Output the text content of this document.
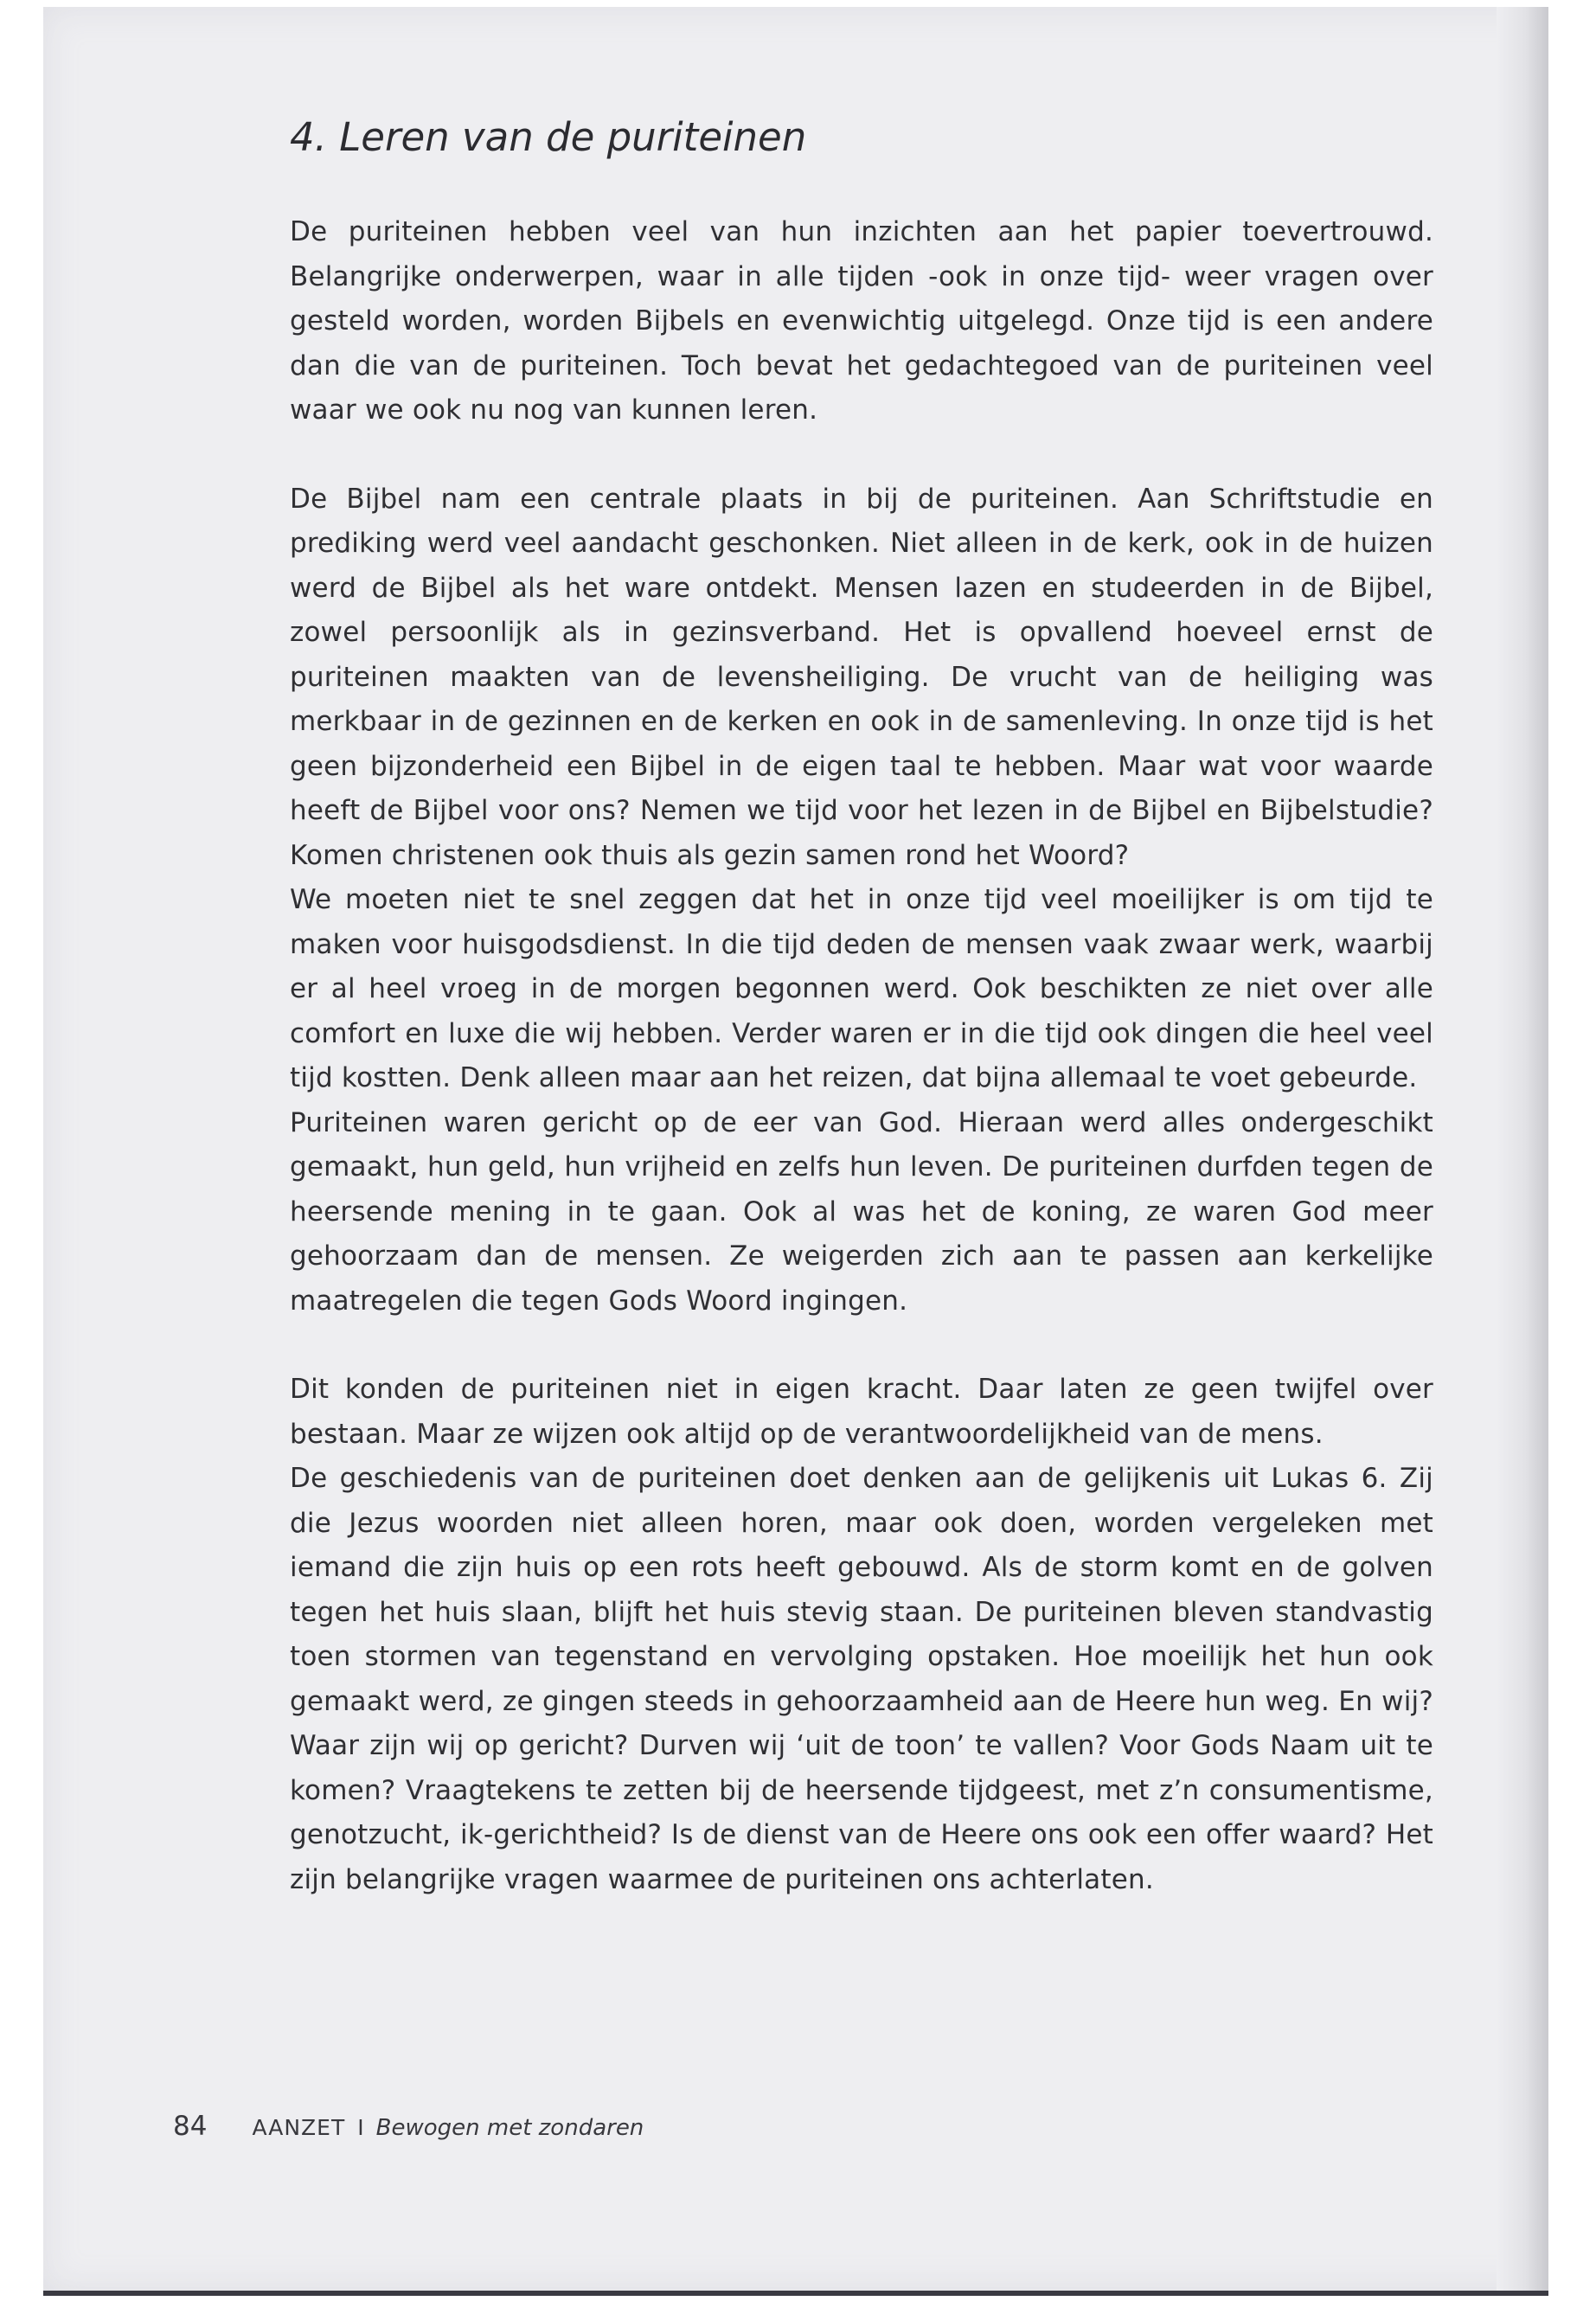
4. Leren van de puriteinen

De puriteinen hebben veel van hun inzichten aan het papier toevertrouwd. Belangrijke onderwerpen, waar in alle tijden -ook in onze tijd- weer vragen over gesteld worden, worden Bijbels en evenwichtig uitgelegd. Onze tijd is een andere dan die van de puriteinen. Toch bevat het gedachtegoed van de puriteinen veel waar we ook nu nog van kunnen leren.

De Bijbel nam een centrale plaats in bij de puriteinen. Aan Schriftstudie en prediking werd veel aandacht geschonken. Niet alleen in de kerk, ook in de huizen werd de Bijbel als het ware ontdekt. Mensen lazen en studeerden in de Bijbel, zowel persoonlijk als in gezinsverband. Het is opvallend hoeveel ernst de puriteinen maakten van de levensheiliging. De vrucht van de heiliging was merkbaar in de gezinnen en de kerken en ook in de samenleving. In onze tijd is het geen bijzonderheid een Bijbel in de eigen taal te hebben. Maar wat voor waarde heeft de Bijbel voor ons? Nemen we tijd voor het lezen in de Bijbel en Bijbelstudie? Komen christenen ook thuis als gezin samen rond het Woord?

We moeten niet te snel zeggen dat het in onze tijd veel moeilijker is om tijd te maken voor huisgodsdienst. In die tijd deden de mensen vaak zwaar werk, waarbij er al heel vroeg in de morgen begonnen werd. Ook beschikten ze niet over alle comfort en luxe die wij hebben. Verder waren er in die tijd ook dingen die heel veel tijd kostten. Denk alleen maar aan het reizen, dat bijna allemaal te voet gebeurde.

Puriteinen waren gericht op de eer van God. Hieraan werd alles ondergeschikt gemaakt, hun geld, hun vrijheid en zelfs hun leven. De puriteinen durfden tegen de heersende mening in te gaan. Ook al was het de koning, ze waren God meer gehoorzaam dan de mensen. Ze weigerden zich aan te passen aan kerkelijke maatregelen die tegen Gods Woord ingingen.

Dit konden de puriteinen niet in eigen kracht. Daar laten ze geen twijfel over bestaan. Maar ze wijzen ook altijd op de verantwoordelijkheid van de mens.

De geschiedenis van de puriteinen doet denken aan de gelijkenis uit Lukas 6. Zij die Jezus woorden niet alleen horen, maar ook doen, worden vergeleken met iemand die zijn huis op een rots heeft gebouwd. Als de storm komt en de golven tegen het huis slaan, blijft het huis stevig staan. De puriteinen bleven standvastig toen stormen van tegenstand en vervolging opstaken. Hoe moeilijk het hun ook gemaakt werd, ze gingen steeds in gehoorzaamheid aan de Heere hun weg. En wij? Waar zijn wij op gericht? Durven wij ‘uit de toon’ te vallen? Voor Gods Naam uit te komen? Vraagtekens te zetten bij de heersende tijdgeest, met z’n consumentisme, genotzucht, ik-gerichtheid? Is de dienst van de Heere ons ook een offer waard? Het zijn belangrijke vragen waarmee de puriteinen ons achterlaten.

84 AANZET I Bewogen met zondaren
